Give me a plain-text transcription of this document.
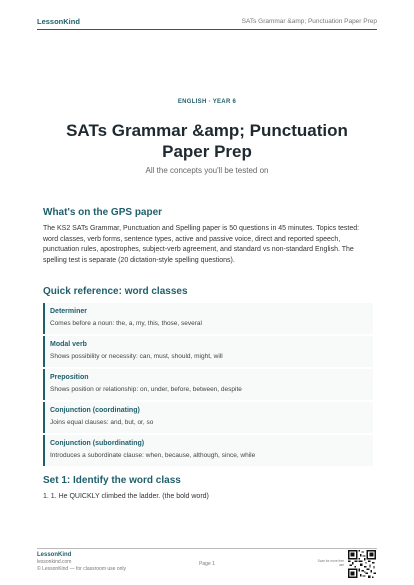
LessonKind	SATs Grammar &amp; Punctuation Paper Prep
ENGLISH · YEAR 6
SATs Grammar &amp; Punctuation Paper Prep
All the concepts you'll be tested on
What's on the GPS paper
The KS2 SATs Grammar, Punctuation and Spelling paper is 50 questions in 45 minutes. Topics tested: word classes, verb forms, sentence types, active and passive voice, direct and reported speech, punctuation rules, apostrophes, subject-verb agreement, and standard vs non-standard English. The spelling test is separate (20 dictation-style spelling questions).
Quick reference: word classes
Determiner
Comes before a noun: the, a, my, this, those, several
Modal verb
Shows possibility or necessity: can, must, should, might, will
Preposition
Shows position or relationship: on, under, before, between, despite
Conjunction (coordinating)
Joins equal clauses: and, but, or, so
Conjunction (subordinating)
Introduces a subordinate clause: when, because, although, since, while
Set 1: Identify the word class
1. 1. He QUICKLY climbed the ladder. (the bold word)
LessonKind
lessonkind.com
© LessonKind — for classroom use only
Page 1	Scan for more free use
